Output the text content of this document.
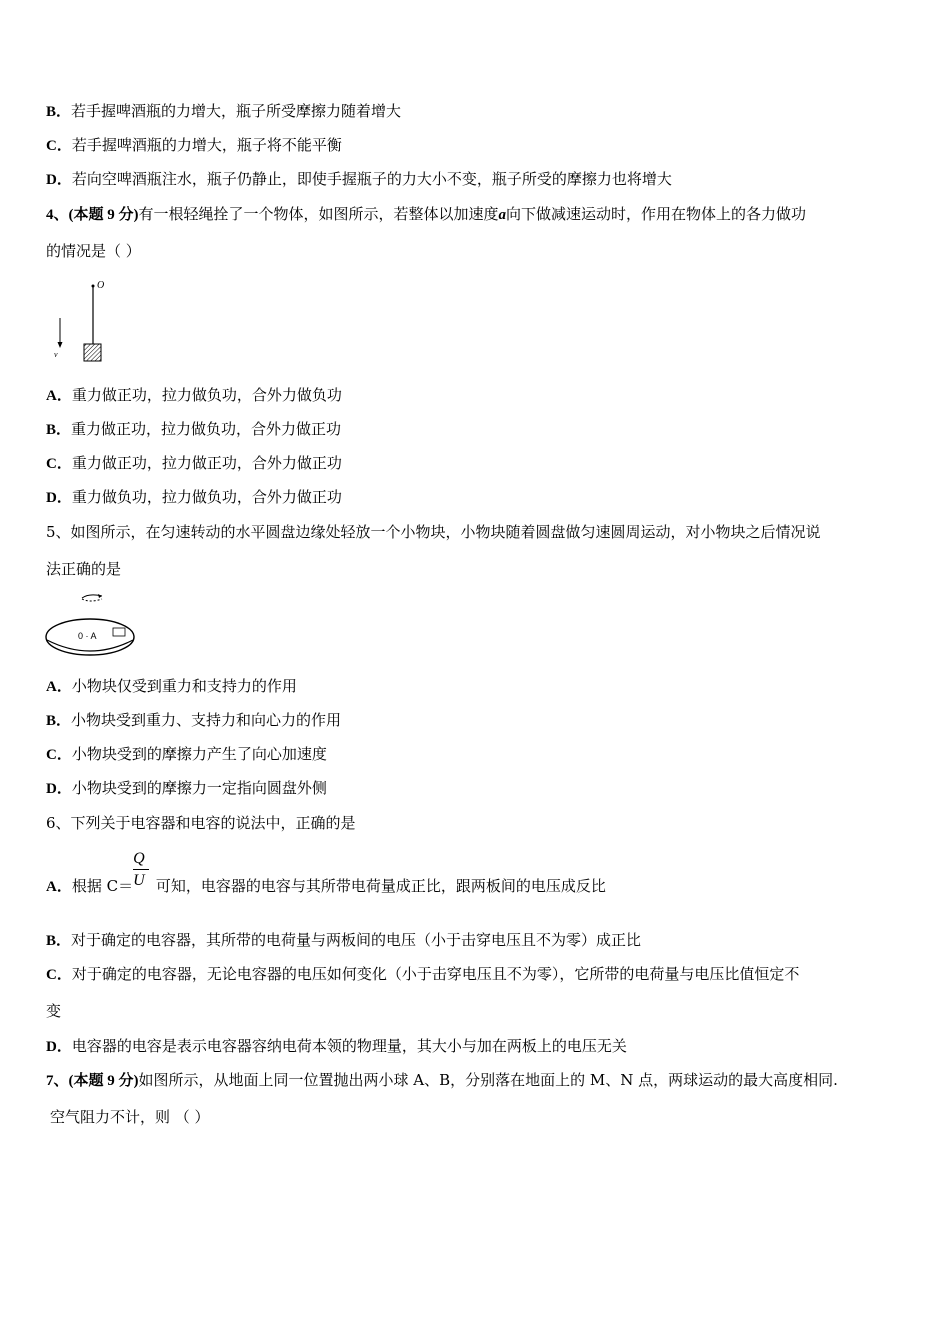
B．若手握啤酒瓶的力增大，瓶子所受摩擦力随着增大
C．若手握啤酒瓶的力增大，瓶子将不能平衡
D．若向空啤酒瓶注水，瓶子仍静止，即使手握瓶子的力大小不变，瓶子所受的摩擦力也将增大
4、(本题 9 分)有一根轻绳拴了一个物体，如图所示，若整体以加速度a向下做减速运动时，作用在物体上的各力做功
的情况是（ ）
O
v
A．重力做正功，拉力做负功，合外力做负功
B．重力做正功，拉力做负功，合外力做正功
C．重力做正功，拉力做正功，合外力做正功
D．重力做负功，拉力做负功，合外力做正功
5、如图所示，在匀速转动的水平圆盘边缘处轻放一个小物块，小物块随着圆盘做匀速圆周运动，对小物块之后情况说
法正确的是
0 · A
A．小物块仅受到重力和支持力的作用
B．小物块受到重力、支持力和向心力的作用
C．小物块受到的摩擦力产生了向心加速度
D．小物块受到的摩擦力一定指向圆盘外侧
6、下列关于电容器和电容的说法中，正确的是
A．根据 $C= \frac{Q}{U}$ 可知，电容器的电容与其所带电荷量成正比，跟两板间的电压成反比
B．对于确定的电容器，其所带的电荷量与两板间的电压（小于击穿电压且不为零）成正比
C．对于确定的电容器，无论电容器的电压如何变化（小于击穿电压且不为零），它所带的电荷量与电压比值恒定不
变
D．电容器的电容是表示电容器容纳电荷本领的物理量，其大小与加在两板上的电压无关
7、(本题 9 分)如图所示，从地面上同一位置抛出两小球 A、B，分别落在地面上的 M、N 点，两球运动的最大高度相同.
空气阻力不计，则 （ ）
